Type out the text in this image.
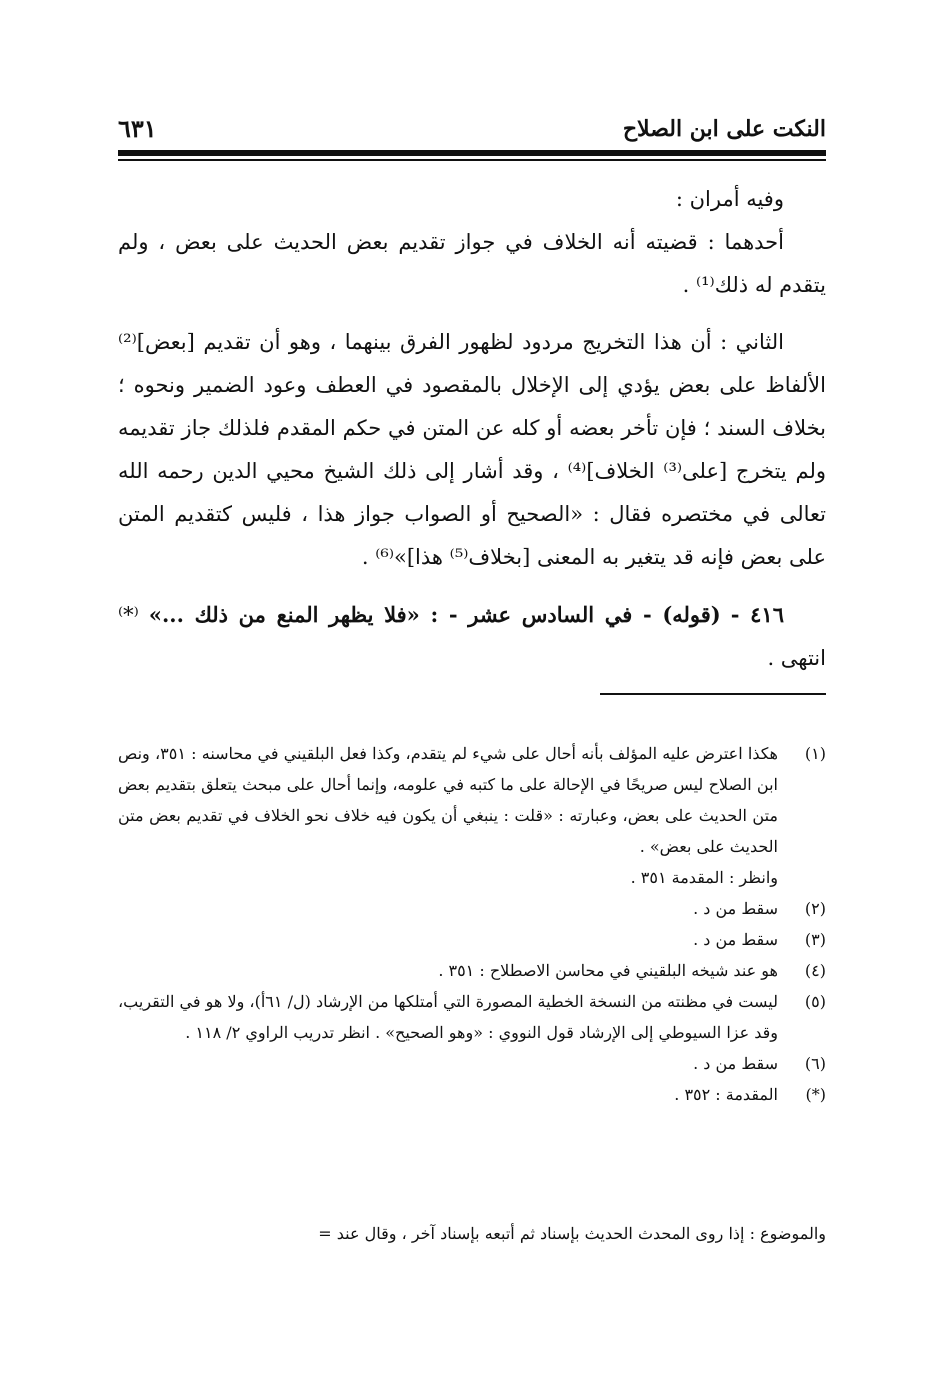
النكت على ابن الصلاح
٦٣١

وفيه أمران :

أحدهما : قضيته أنه الخلاف في جواز تقديم بعض الحديث على بعض ، ولم يتقدم له ذلك⁽¹⁾ .

الثاني : أن هذا التخريج مردود لظهور الفرق بينهما ، وهو أن تقديم [بعض]⁽²⁾ الألفاظ على بعض يؤدي إلى الإخلال بالمقصود في العطف وعود الضمير ونحوه ؛ بخلاف السند ؛ فإن تأخر بعضه أو كله عن المتن في حكم المقدم فلذلك جاز تقديمه ولم يتخرج [على⁽³⁾ الخلاف]⁽⁴⁾ ، وقد أشار إلى ذلك الشيخ محيي الدين رحمه الله تعالى في مختصره فقال : «الصحيح أو الصواب جواز هذا ، فليس كتقديم المتن على بعض فإنه قد يتغير به المعنى [بخلاف⁽⁵⁾ هذا]»⁽⁶⁾ .

٤١٦ - (قوله) - في السادس عشر - : «فلا يظهر المنع من ذلك ...» ⁽*⁾ انتهى .

(١)
هكذا اعترض عليه المؤلف بأنه أحال على شيء لم يتقدم، وكذا فعل البلقيني في محاسنه : ٣٥١، ونص ابن الصلاح ليس صريحًا في الإحالة على ما كتبه في علومه، وإنما أحال على مبحث يتعلق بتقديم بعض متن الحديث على بعض، وعبارته : «قلت : ينبغي أن يكون فيه خلاف نحو الخلاف في تقديم بعض متن الحديث على بعض» .
وانظر : المقدمة ٣٥١ .
(٢)
سقط من د .
(٣)
سقط من د .
(٤)
هو عند شيخه البلقيني في محاسن الاصطلاح : ٣٥١ .
(٥)
ليست في مظنته من النسخة الخطية المصورة التي أمتلكها من الإرشاد (ل/ ٦١أ)، ولا هو في التقريب، وقد عزا السيوطي إلى الإرشاد قول النووي : «وهو الصحيح» . انظر تدريب الراوي ٢/ ١١٨ .
(٦)
سقط من د .
(*)
المقدمة : ٣٥٢ .
والموضوع : إذا روى المحدث الحديث بإسناد ثم أتبعه بإسناد آخر ، وقال عند =
